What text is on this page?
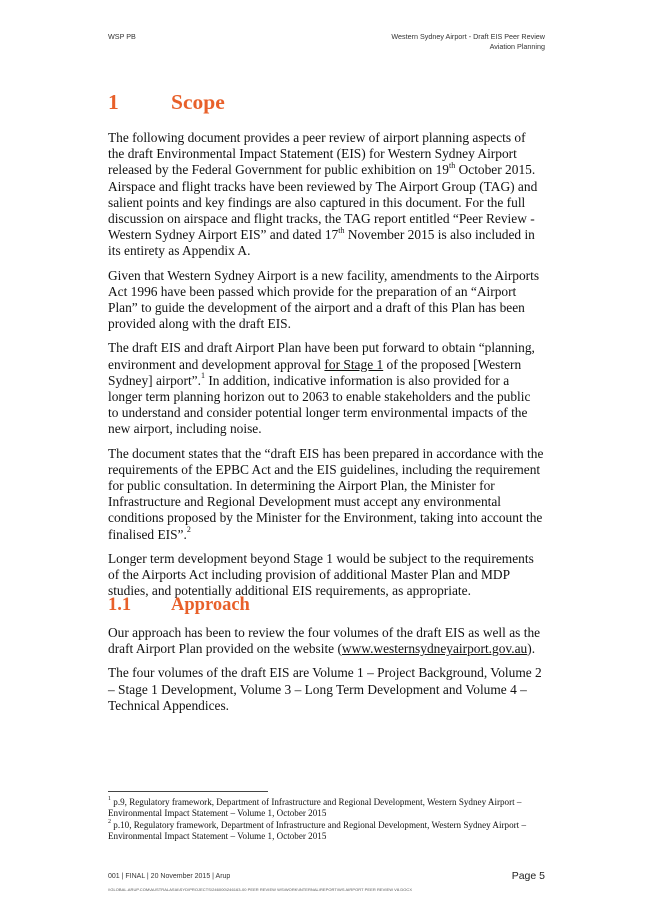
WSP PB	Western Sydney Airport - Draft EIS Peer Review
Aviation Planning
1 Scope

The following document provides a peer review of airport planning aspects of the draft Environmental Impact Statement (EIS) for Western Sydney Airport released by the Federal Government for public exhibition on 19th October 2015. Airspace and flight tracks have been reviewed by The Airport Group (TAG) and salient points and key findings are also captured in this document. For the full discussion on airspace and flight tracks, the TAG report entitled “Peer Review - Western Sydney Airport EIS” and dated 17th November 2015 is also included in its entirety as Appendix A.

Given that Western Sydney Airport is a new facility, amendments to the Airports Act 1996 have been passed which provide for the preparation of an “Airport Plan” to guide the development of the airport and a draft of this Plan has been provided along with the draft EIS.

The draft EIS and draft Airport Plan have been put forward to obtain “planning, environment and development approval for Stage 1 of the proposed [Western Sydney] airport”.$^1$ In addition, indicative information is also provided for a longer term planning horizon out to 2063 to enable stakeholders and the public to understand and consider potential longer term environmental impacts of the new airport, including noise.

The document states that the “draft EIS has been prepared in accordance with the requirements of the EPBC Act and the EIS guidelines, including the requirement for public consultation. In determining the Airport Plan, the Minister for Infrastructure and Regional Development must accept any environmental conditions proposed by the Minister for the Environment, taking into account the finalised EIS”.$^2$

Longer term development beyond Stage 1 would be subject to the requirements of the Airports Act including provision of additional Master Plan and MDP studies, and potentially additional EIS requirements, as appropriate.

1.1 Approach

Our approach has been to review the four volumes of the draft EIS as well as the draft Airport Plan provided on the website (www.westernsydneyairport.gov.au).

The four volumes of the draft EIS are Volume 1 – Project Background, Volume 2 – Stage 1 Development, Volume 3 – Long Term Development and Volume 4 – Technical Appendices.

$^1$ p.9, Regulatory framework, Department of Infrastructure and Regional Development, Western Sydney Airport – Environmental Impact Statement – Volume 1, October 2015

$^2$ p.10, Regulatory framework, Department of Infrastructure and Regional Development, Western Sydney Airport – Environmental Impact Statement – Volume 1, October 2015

001 | FINAL | 20 November 2015 | Arup	Page 5
\\GLOBAL.ARUP.COM\AUSTRALASIA\SYD\PROJECTS\246000\246163-00 PEER REVIEW WS\WORK\INTERNAL\REPORT\WS AIRPORT PEER REVIEW V8.DOCX
